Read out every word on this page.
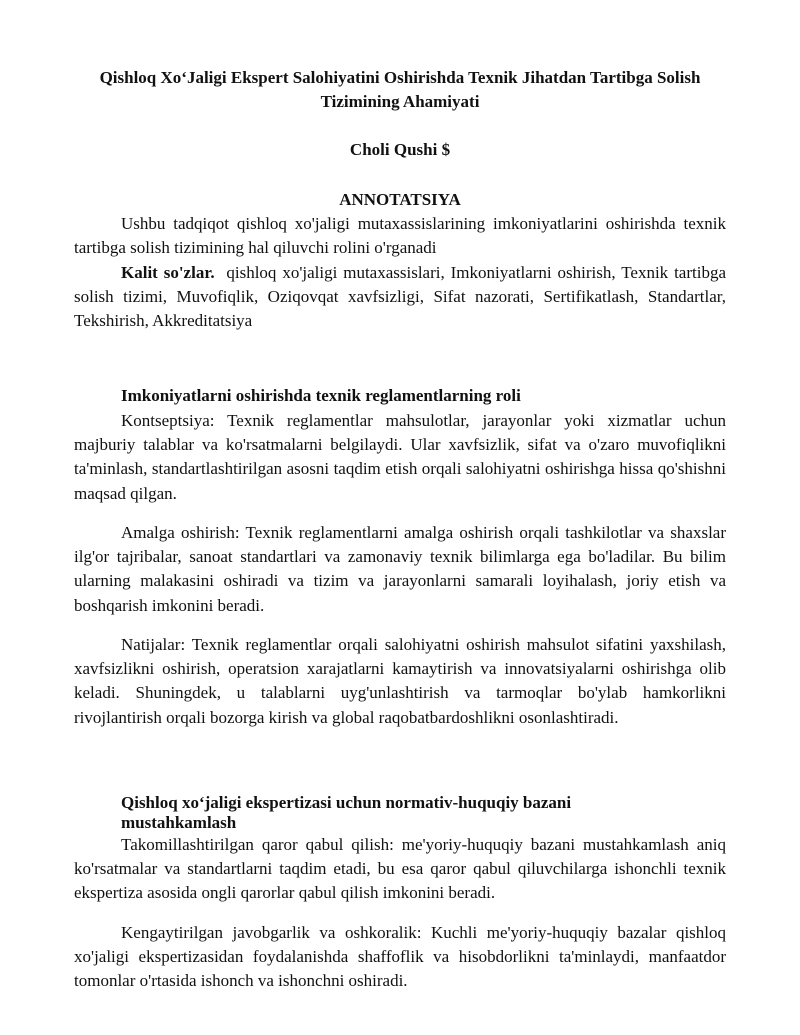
Qishloq Xo‘Jaligi Ekspert Salohiyatini Oshirishda Texnik Jihatdan Tartibga Solish Tizimining Ahamiyati
Choli Qushi $
ANNOTATSIYA

Ushbu tadqiqot qishloq xo'jaligi mutaxassislarining imkoniyatlarini oshirishda texnik tartibga solish tizimining hal qiluvchi rolini o'rganadi

Kalit so'zlar. qishloq xo'jaligi mutaxassislari, Imkoniyatlarni oshirish, Texnik tartibga solish tizimi, Muvofiqlik, Oziqovqat xavfsizligi, Sifat nazorati, Sertifikatlash, Standartlar, Tekshirish, Akkreditatsiya

Imkoniyatlarni oshirishda texnik reglamentlarning roli

Kontseptsiya: Texnik reglamentlar mahsulotlar, jarayonlar yoki xizmatlar uchun majburiy talablar va ko'rsatmalarni belgilaydi. Ular xavfsizlik, sifat va o'zaro muvofiqlikni ta'minlash, standartlashtirilgan asosni taqdim etish orqali salohiyatni oshirishga hissa qo'shishni maqsad qilgan.

Amalga oshirish: Texnik reglamentlarni amalga oshirish orqali tashkilotlar va shaxslar ilg'or tajribalar, sanoat standartlari va zamonaviy texnik bilimlarga ega bo'ladilar. Bu bilim ularning malakasini oshiradi va tizim va jarayonlarni samarali loyihalash, joriy etish va boshqarish imkonini beradi.

Natijalar: Texnik reglamentlar orqali salohiyatni oshirish mahsulot sifatini yaxshilash, xavfsizlikni oshirish, operatsion xarajatlarni kamaytirish va innovatsiyalarni oshirishga olib keladi. Shuningdek, u talablarni uyg'unlashtirish va tarmoqlar bo'ylab hamkorlikni rivojlantirish orqali bozorga kirish va global raqobatbardoshlikni osonlashtiradi.

Qishloq xo‘jaligi ekspertizasi uchun normativ-huquqiy bazani mustahkamlash

Takomillashtirilgan qaror qabul qilish: me'yoriy-huquqiy bazani mustahkamlash aniq ko'rsatmalar va standartlarni taqdim etadi, bu esa qaror qabul qiluvchilarga ishonchli texnik ekspertiza asosida ongli qarorlar qabul qilish imkonini beradi.

Kengaytirilgan javobgarlik va oshkoralik: Kuchli me'yoriy-huquqiy bazalar qishloq xo'jaligi ekspertizasidan foydalanishda shaffoflik va hisobdorlikni ta'minlaydi, manfaatdor tomonlar o'rtasida ishonch va ishonchni oshiradi.
